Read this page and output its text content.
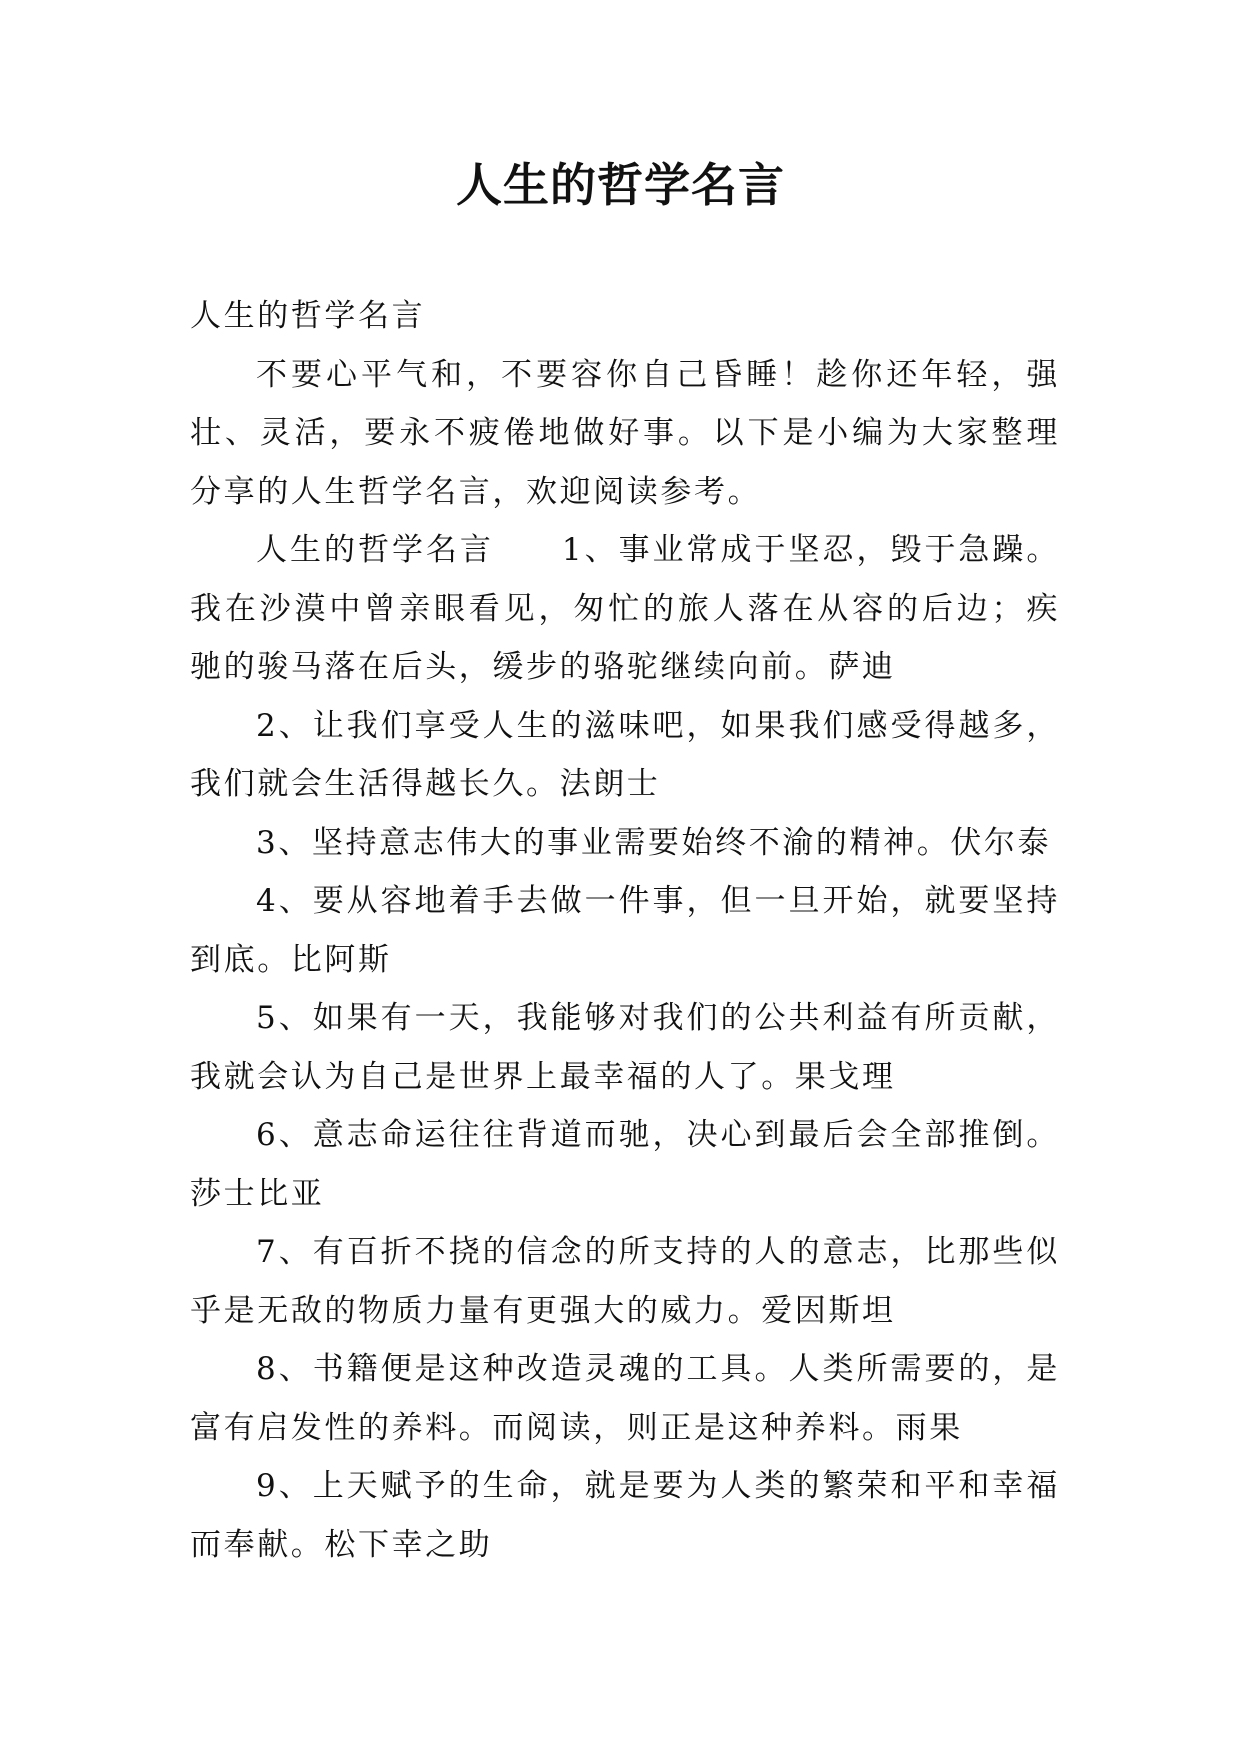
人生的哲学名言

人生的哲学名言

不要心平气和，不要容你自己昏睡！趁你还年轻，强壮、灵活，要永不疲倦地做好事。以下是小编为大家整理分享的人生哲学名言，欢迎阅读参考。

人生的哲学名言　　1、事业常成于坚忍，毁于急躁。我在沙漠中曾亲眼看见，匆忙的旅人落在从容的后边；疾驰的骏马落在后头，缓步的骆驼继续向前。萨迪

2、让我们享受人生的滋味吧，如果我们感受得越多，我们就会生活得越长久。法朗士

3、坚持意志伟大的事业需要始终不渝的精神。伏尔泰

4、要从容地着手去做一件事，但一旦开始，就要坚持到底。比阿斯

5、如果有一天，我能够对我们的公共利益有所贡献，我就会认为自己是世界上最幸福的人了。果戈理

6、意志命运往往背道而驰，决心到最后会全部推倒。莎士比亚

7、有百折不挠的信念的所支持的人的意志，比那些似乎是无敌的物质力量有更强大的威力。爱因斯坦

8、书籍便是这种改造灵魂的工具。人类所需要的，是富有启发性的养料。而阅读，则正是这种养料。雨果

9、上天赋予的生命，就是要为人类的繁荣和平和幸福而奉献。松下幸之助
